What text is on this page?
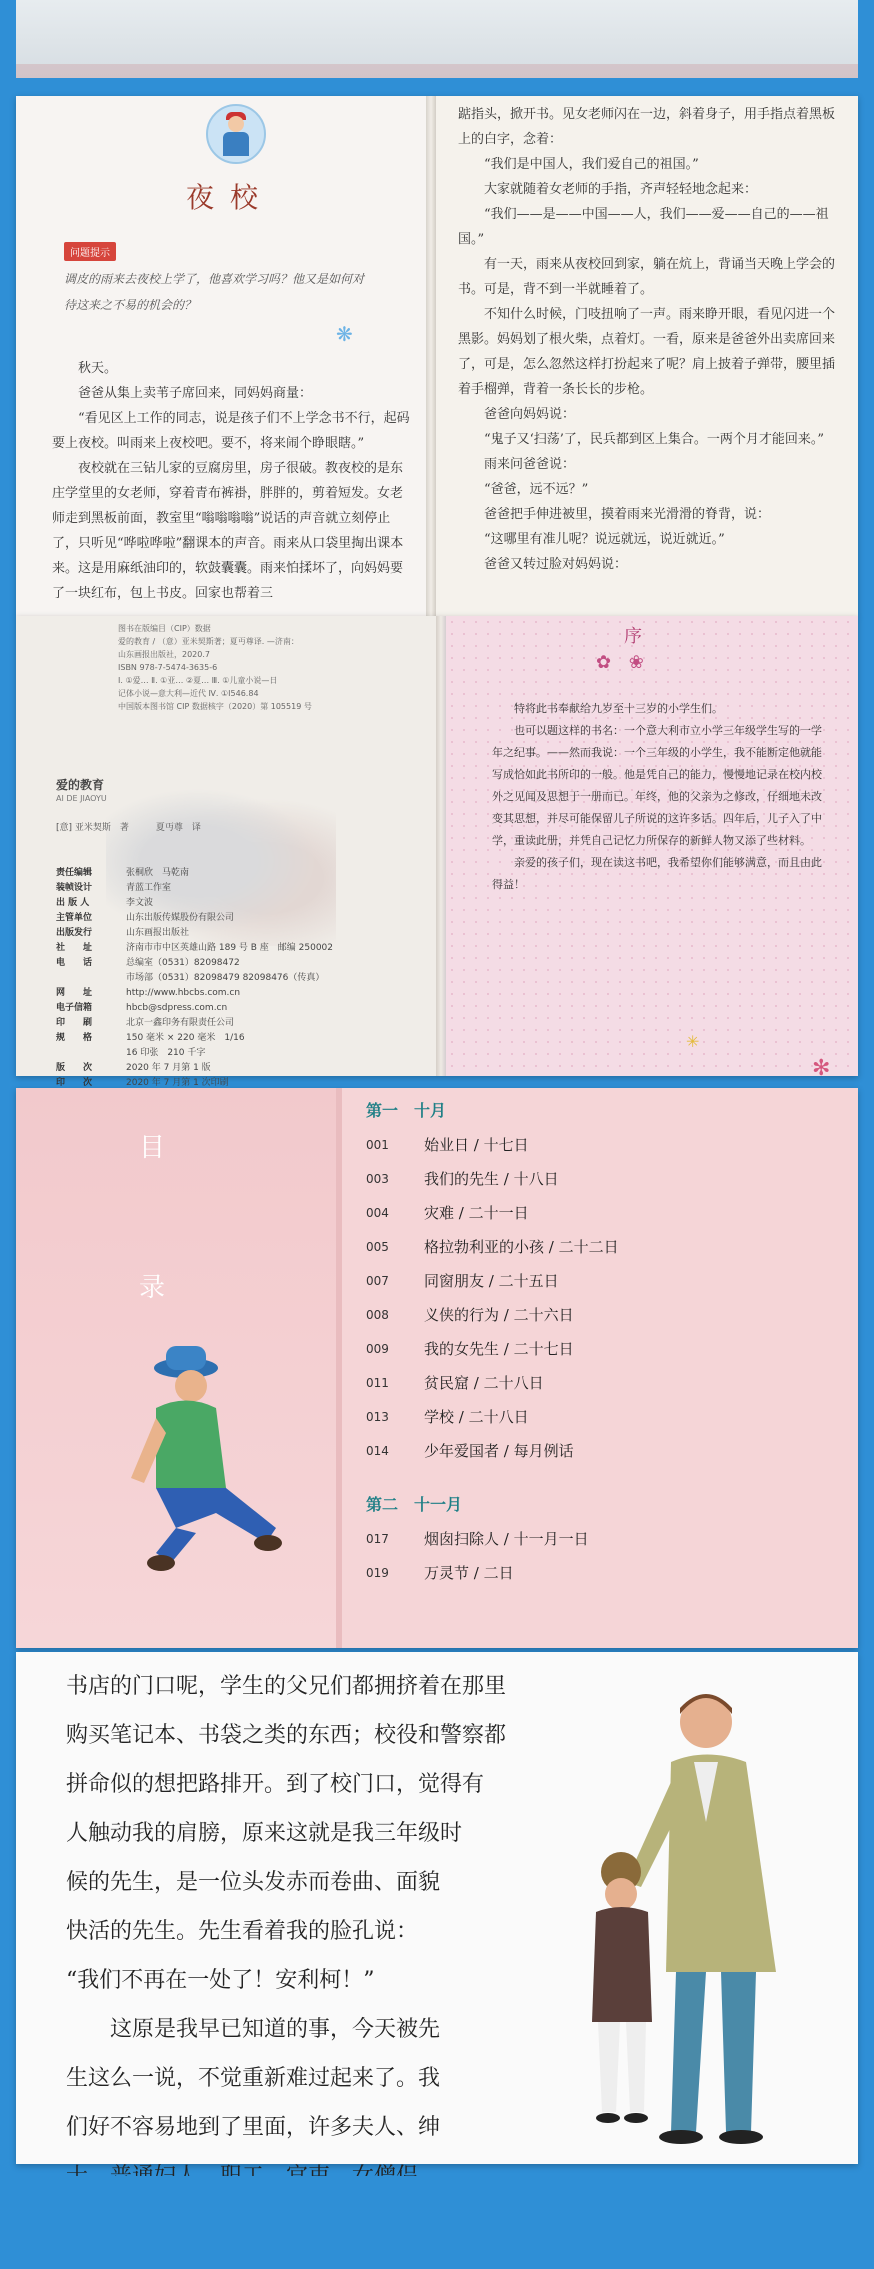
夜校
问题提示
调皮的雨来去夜校上学了，他喜欢学习吗？他又是如何对待这来之不易的机会的？
❋

秋天。

爸爸从集上卖苇子席回来，同妈妈商量：

“看见区上工作的同志，说是孩子们不上学念书不行，起码要上夜校。叫雨来上夜校吧。要不，将来闹个睁眼瞎。”

夜校就在三钻儿家的豆腐房里，房子很破。教夜校的是东庄学堂里的女老师，穿着青布裤褂，胖胖的，剪着短发。女老师走到黑板前面，教室里“嗡嗡嗡嗡”说话的声音就立刻停止了，只听见“哗啦哗啦”翻课本的声音。雨来从口袋里掏出课本来。这是用麻纸油印的，软鼓囊囊。雨来怕揉坏了，向妈妈要了一块红布，包上书皮。回家也帮着三

踮指头，掀开书。见女老师闪在一边，斜着身子，用手指点着黑板上的白字，念着：

“我们是中国人，我们爱自己的祖国。”

大家就随着女老师的手指，齐声轻轻地念起来：

“我们——是——中国——人，我们——爱——自己的——祖国。”

有一天，雨来从夜校回到家，躺在炕上，背诵当天晚上学会的书。可是，背不到一半就睡着了。

不知什么时候，门吱扭响了一声。雨来睁开眼，看见闪进一个黑影。妈妈划了根火柴，点着灯。一看，原来是爸爸外出卖席回来了，可是，怎么忽然这样打扮起来了呢？肩上披着子弹带，腰里插着手榴弹，背着一条长长的步枪。

爸爸向妈妈说：

“鬼子又‘扫荡’了，民兵都到区上集合。一两个月才能回来。”

雨来问爸爸说：

“爸爸，远不远？”

爸爸把手伸进被里，摸着雨来光滑滑的脊背，说：

“这哪里有准儿呢？说远就远，说近就近。”

爸爸又转过脸对妈妈说：

图书在版编目（CIP）数据

爱的教育 / （意）亚米契斯著；夏丏尊译. —济南：

山东画报出版社，2020.7

ISBN 978-7-5474-3635-6

Ⅰ. ①爱… Ⅱ. ①亚… ②夏… Ⅲ. ①儿童小说—日

记体小说—意大利—近代 Ⅳ. ①I546.84

中国版本图书馆 CIP 数据核字（2020）第 105519 号

爱的教育
AI DE JIAOYU
[意] 亚米契斯　著　　　夏丏尊　译
责任编辑	张桐欣　马乾南
装帧设计	青蓝工作室
出 版 人	李文波
主管单位	山东出版传媒股份有限公司
出版发行	山东画报出版社
社　　址	济南市市中区英雄山路 189 号 B 座　邮编 250002
电　　话	总编室（0531）82098472
市场部（0531）82098479 82098476（传真）
网　　址	http://www.hbcbs.com.cn
电子信箱	hbcb@sdpress.com.cn
印　　刷	北京一鑫印务有限责任公司
规　　格	150 毫米 × 220 毫米　1/16
16 印张　210 千字
版　　次	2020 年 7 月第 1 版
印　　次	2020 年 7 月第 1 次印刷
序
✿ ❀

特将此书奉献给九岁至十三岁的小学生们。

也可以题这样的书名：一个意大利市立小学三年级学生写的一学年之纪事。——然而我说：一个三年级的小学生，我不能断定他就能写成恰如此书所印的一般。他是凭自己的能力，慢慢地记录在校内校外之见闻及思想于一册而已。年终，他的父亲为之修改，仔细地未改变其思想，并尽可能保留儿子所说的这许多话。四年后，儿子入了中学，重读此册，并凭自己记忆力所保存的新鲜人物又添了些材料。

亲爱的孩子们，现在读这书吧，我希望你们能够满意，而且由此得益！

✳
✻
目
录
第一　十月
001	始业日 / 十七日
003	我们的先生 / 十八日
004	灾难 / 二十一日
005	格拉勃利亚的小孩 / 二十二日
007	同窗朋友 / 二十五日
008	义侠的行为 / 二十六日
009	我的女先生 / 二十七日
011	贫民窟 / 二十八日
013	学校 / 二十八日
014	少年爱国者 / 每月例话
第二　十一月
017	烟囱扫除人 / 十一月一日
019	万灵节 / 二日

书店的门口呢，学生的父兄们都拥挤着在那里

购买笔记本、书袋之类的东西；校役和警察都

拼命似的想把路排开。到了校门口，觉得有

人触动我的肩膀，原来这就是我三年级时

候的先生，是一位头发赤而卷曲、面貌

快活的先生。先生看着我的脸孔说：

“我们不再在一处了！安利柯！”

这原是我早已知道的事，今天被先

生这么一说，不觉重新难过起来了。我

们好不容易地到了里面，许多夫人、绅
